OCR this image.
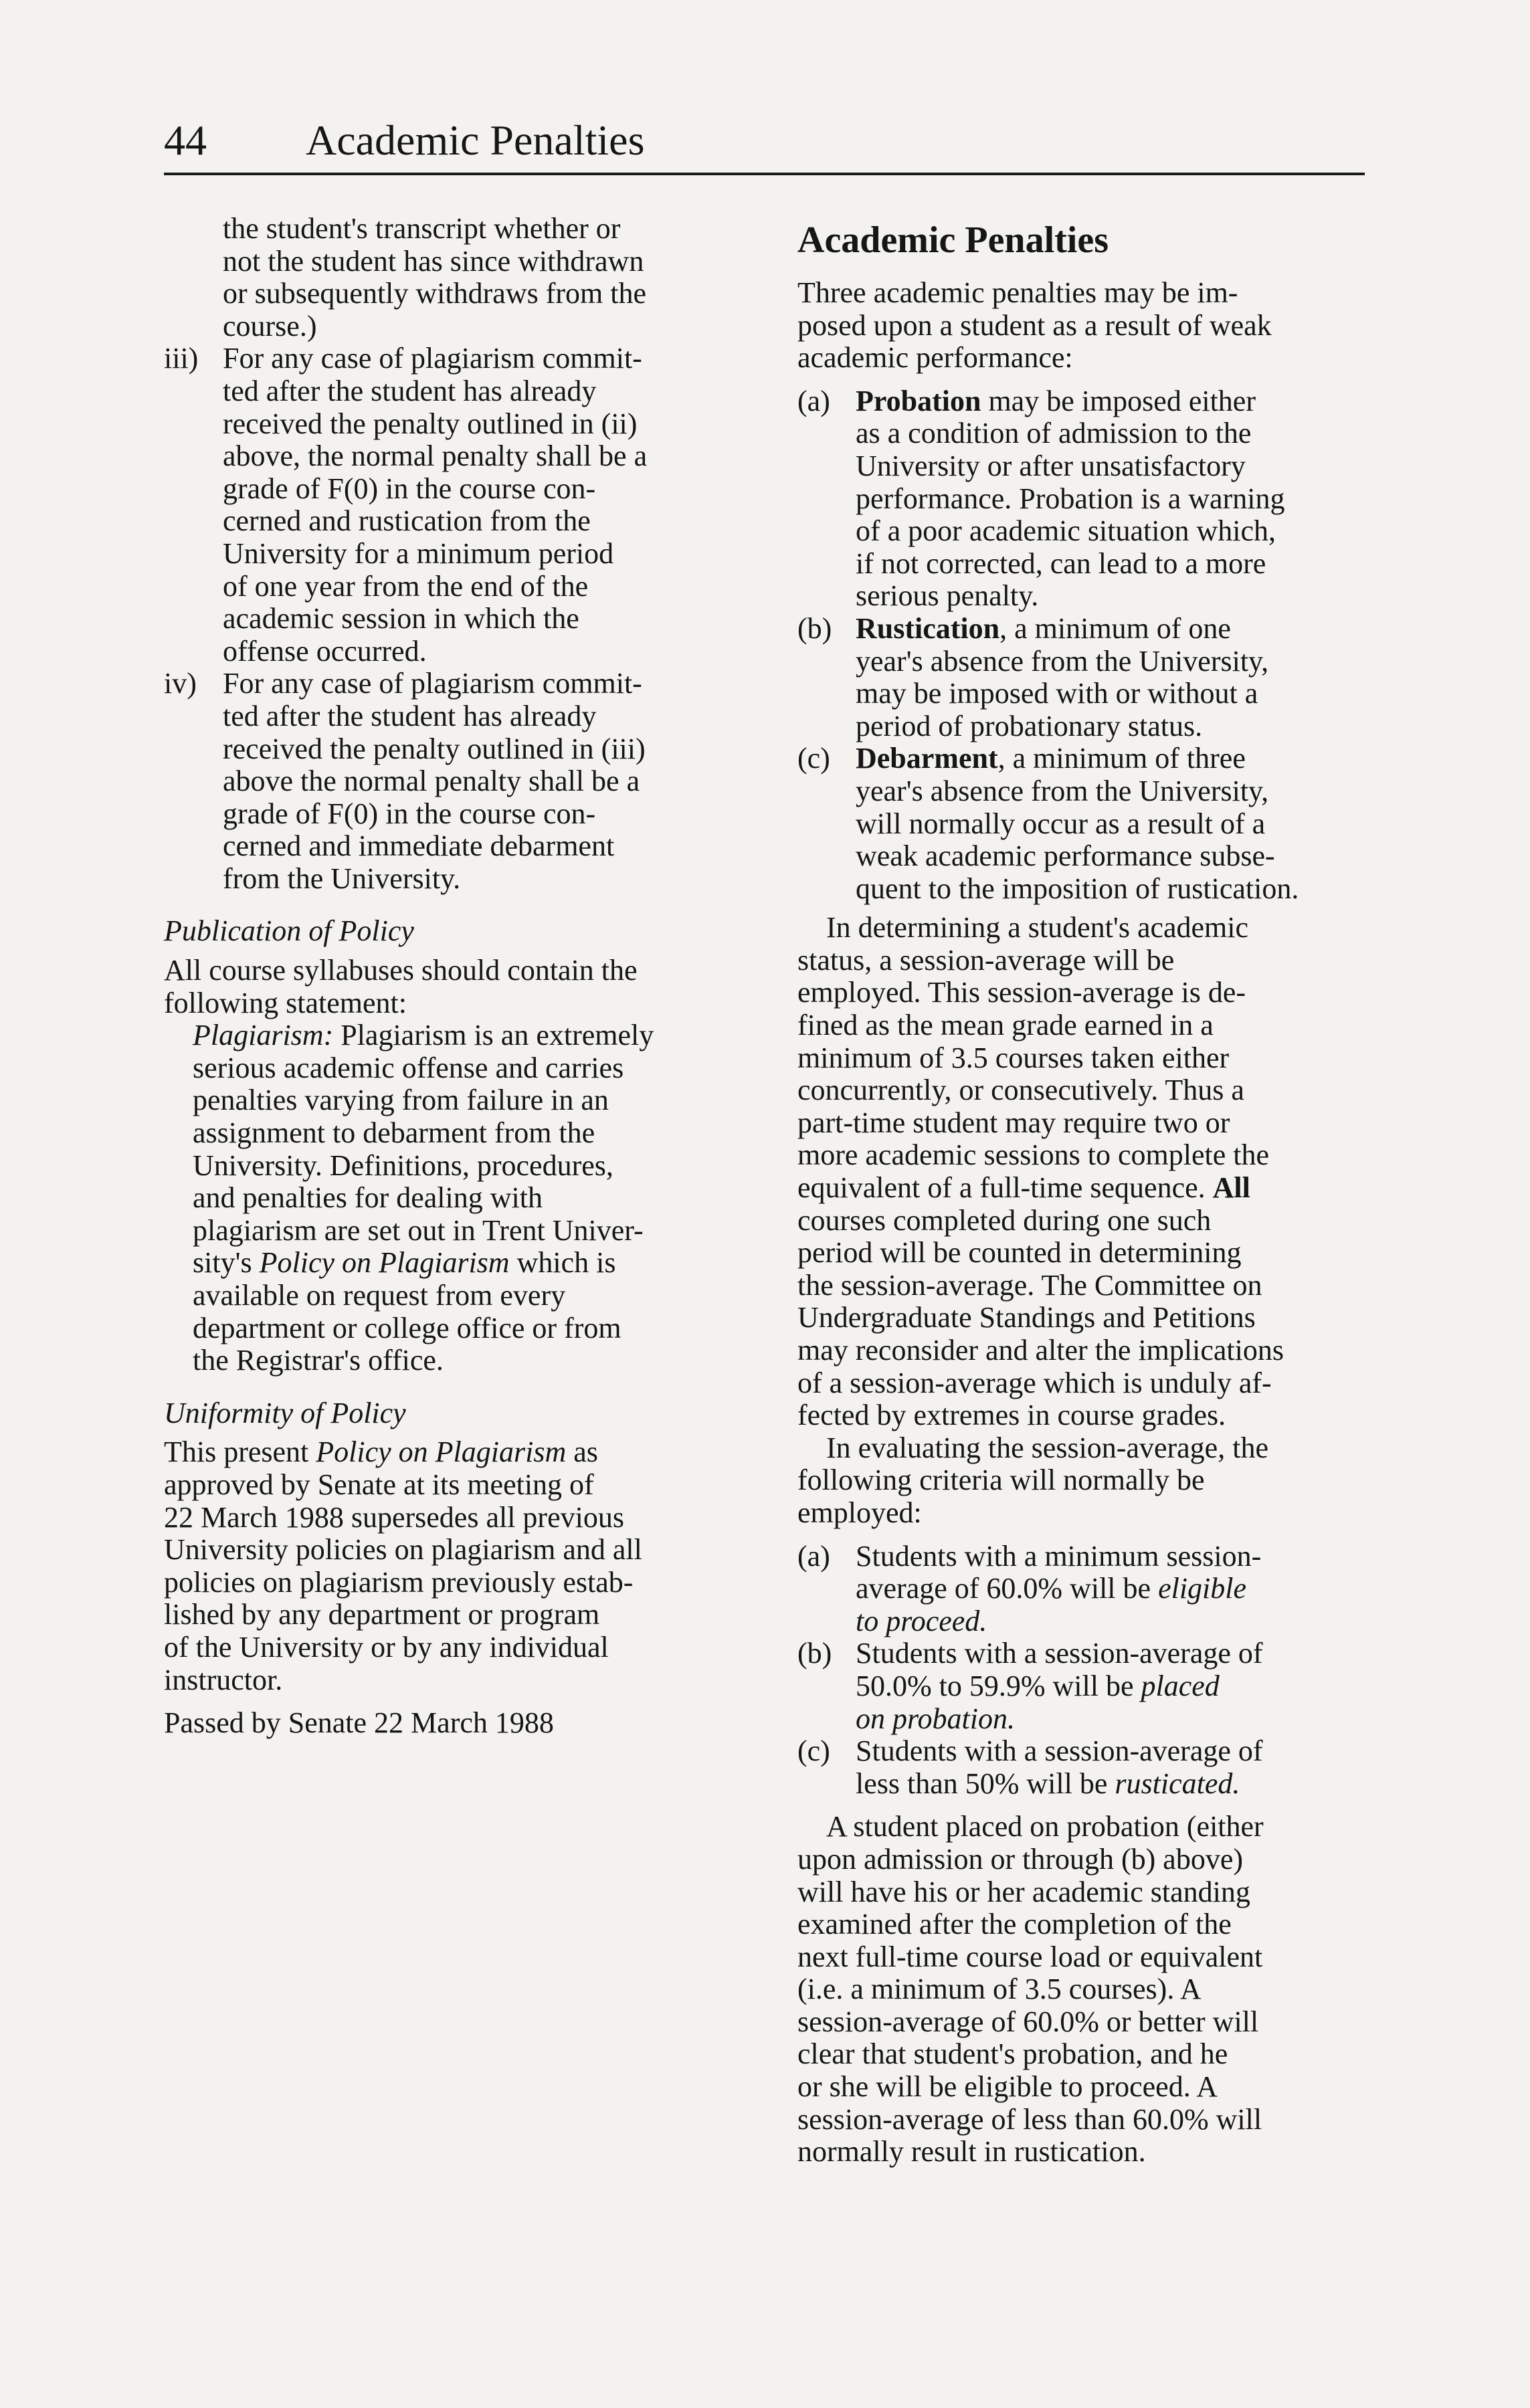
44 Academic Penalties
the student's transcript whether or
not the student has since withdrawn
or subsequently withdraws from the
course.)
iii) For any case of plagiarism commit-
ted after the student has already
received the penalty outlined in (ii)
above, the normal penalty shall be a
grade of F(0) in the course con-
cerned and rustication from the
University for a minimum period
of one year from the end of the
academic session in which the
offense occurred.
iv) For any case of plagiarism commit-
ted after the student has already
received the penalty outlined in (iii)
above the normal penalty shall be a
grade of F(0) in the course con-
cerned and immediate debarment
from the University.
Publication of Policy
All course syllabuses should contain the
following statement:
Plagiarism: Plagiarism is an extremely
serious academic offense and carries
penalties varying from failure in an
assignment to debarment from the
University. Definitions, procedures,
and penalties for dealing with
plagiarism are set out in Trent Univer-
sity's Policy on Plagiarism which is
available on request from every
department or college office or from
the Registrar's office.
Uniformity of Policy
This present Policy on Plagiarism as
approved by Senate at its meeting of
22 March 1988 supersedes all previous
University policies on plagiarism and all
policies on plagiarism previously estab-
lished by any department or program
of the University or by any individual
instructor.
Passed by Senate 22 March 1988
Academic Penalties
Three academic penalties may be im-
posed upon a student as a result of weak
academic performance:
(a) Probation may be imposed either
as a condition of admission to the
University or after unsatisfactory
performance. Probation is a warning
of a poor academic situation which,
if not corrected, can lead to a more
serious penalty.
(b) Rustication, a minimum of one
year's absence from the University,
may be imposed with or without a
period of probationary status.
(c) Debarment, a minimum of three
year's absence from the University,
will normally occur as a result of a
weak academic performance subse-
quent to the imposition of rustication.
In determining a student's academic
status, a session-average will be
employed. This session-average is de-
fined as the mean grade earned in a
minimum of 3.5 courses taken either
concurrently, or consecutively. Thus a
part-time student may require two or
more academic sessions to complete the
equivalent of a full-time sequence. All
courses completed during one such
period will be counted in determining
the session-average. The Committee on
Undergraduate Standings and Petitions
may reconsider and alter the implications
of a session-average which is unduly af-
fected by extremes in course grades.
In evaluating the session-average, the
following criteria will normally be
employed:
(a) Students with a minimum session-
average of 60.0% will be eligible
to proceed.
(b) Students with a session-average of
50.0% to 59.9% will be placed
on probation.
(c) Students with a session-average of
less than 50% will be rusticated.
A student placed on probation (either
upon admission or through (b) above)
will have his or her academic standing
examined after the completion of the
next full-time course load or equivalent
(i.e. a minimum of 3.5 courses). A
session-average of 60.0% or better will
clear that student's probation, and he
or she will be eligible to proceed. A
session-average of less than 60.0% will
normally result in rustication.
